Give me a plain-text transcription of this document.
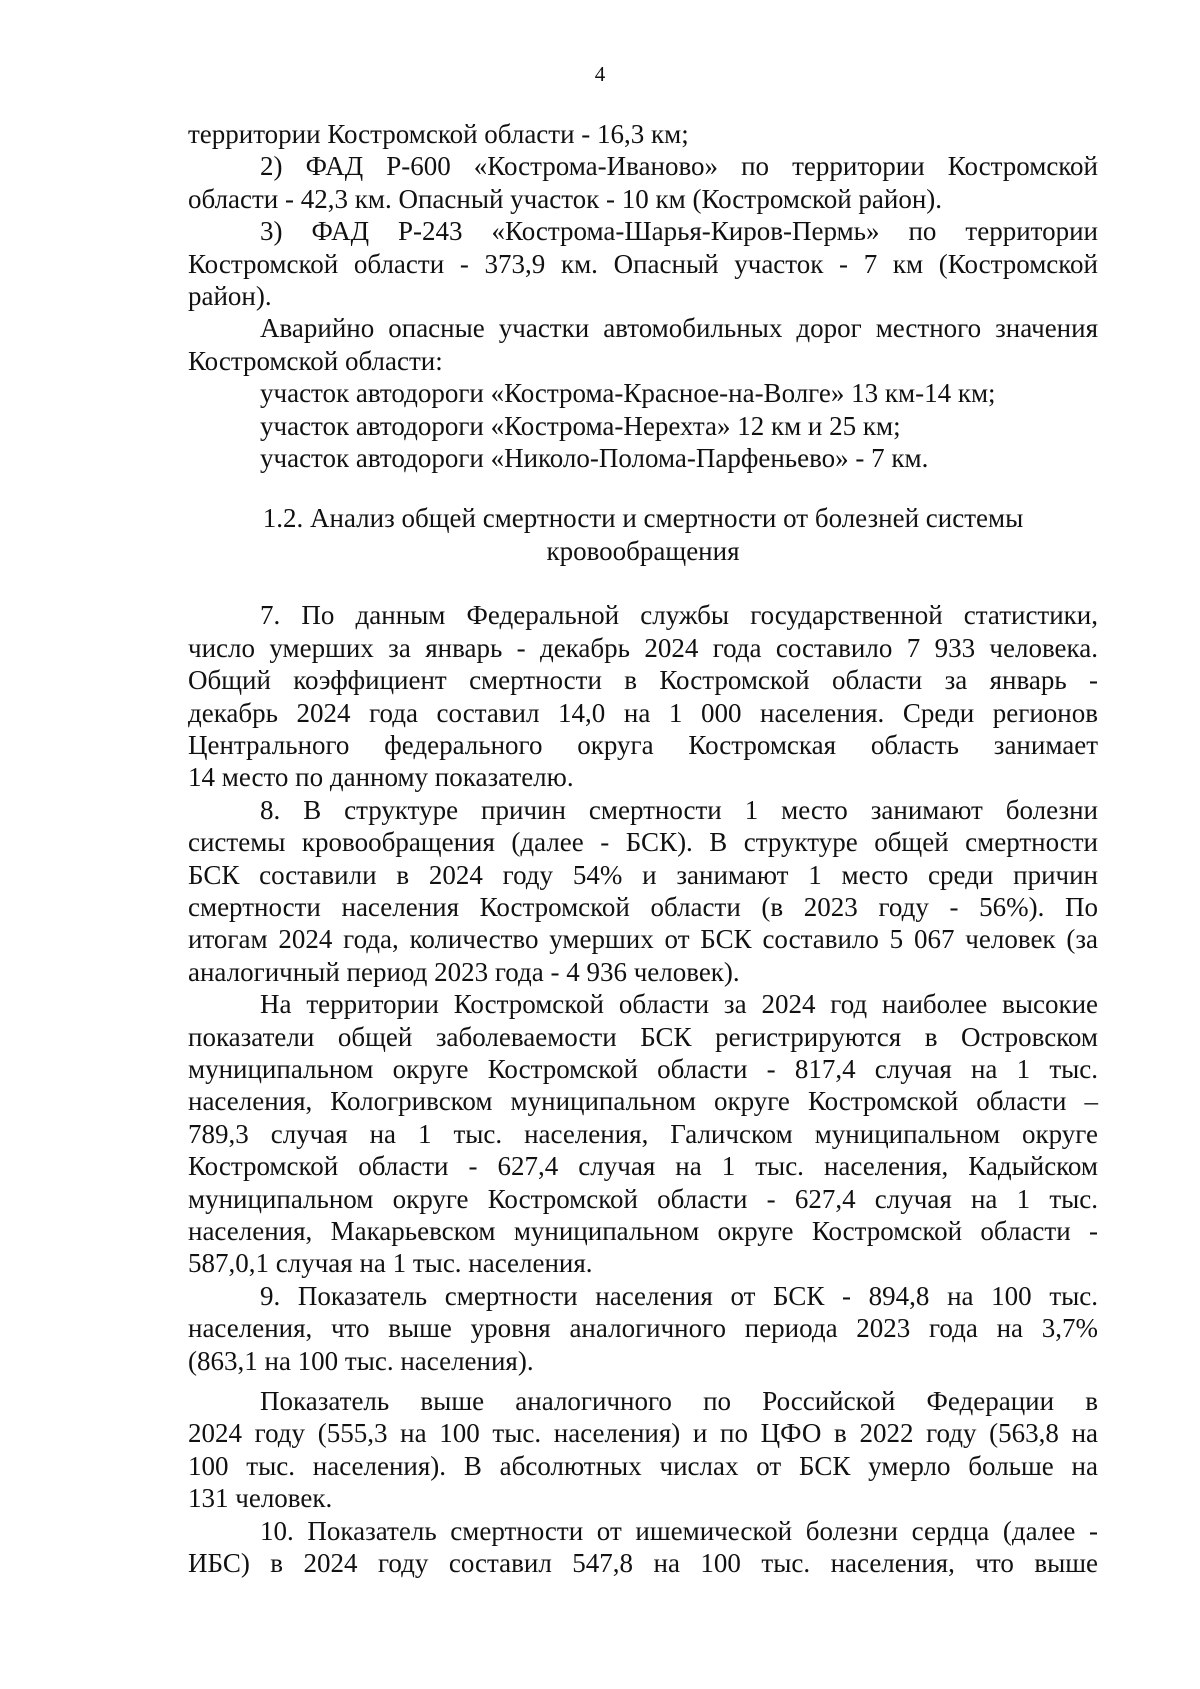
4
территории Костромской области - 16,3 км;
2) ФАД Р-600 «Кострома-Иваново» по территории Костромской
области - 42,3 км. Опасный участок - 10 км (Костромской район).
3) ФАД Р-243 «Кострома-Шарья-Киров-Пермь» по территории
Костромской области - 373,9 км. Опасный участок - 7 км (Костромской
район).
Аварийно опасные участки автомобильных дорог местного значения
Костромской области:
участок автодороги «Кострома-Красное-на-Волге» 13 км-14 км;
участок автодороги «Кострома-Нерехта» 12 км и 25 км;
участок автодороги «Николо-Полома-Парфеньево» - 7 км.
1.2. Анализ общей смертности и смертности от болезней системы
кровообращения
7. По данным Федеральной службы государственной статистики,
число умерших за январь - декабрь 2024 года составило 7 933 человека.
Общий коэффициент смертности в Костромской области за январь -
декабрь 2024 года составил 14,0 на 1 000 населения. Среди регионов
Центрального федерального округа Костромская область занимает
14 место по данному показателю.
8. В структуре причин смертности 1 место занимают болезни
системы кровообращения (далее - БСК). В структуре общей смертности
БСК составили в 2024 году 54% и занимают 1 место среди причин
смертности населения Костромской области (в 2023 году - 56%). По
итогам 2024 года, количество умерших от БСК составило 5 067 человек (за
аналогичный период 2023 года - 4 936 человек).
На территории Костромской области за 2024 год наиболее высокие
показатели общей заболеваемости БСК регистрируются в Островском
муниципальном округе Костромской области - 817,4 случая на 1 тыс.
населения, Кологривском муниципальном округе Костромской области –
789,3 случая на 1 тыс. населения, Галичском муниципальном округе
Костромской области - 627,4 случая на 1 тыс. населения, Кадыйском
муниципальном округе Костромской области - 627,4 случая на 1 тыс.
населения, Макарьевском муниципальном округе Костромской области -
587,0,1 случая на 1 тыс. населения.
9. Показатель смертности населения от БСК - 894,8 на 100 тыс.
населения, что выше уровня аналогичного периода 2023 года на 3,7%
(863,1 на 100 тыс. населения).
Показатель выше аналогичного по Российской Федерации в
2024 году (555,3 на 100 тыс. населения) и по ЦФО в 2022 году (563,8 на
100 тыс. населения). В абсолютных числах от БСК умерло больше на
131 человек.
10. Показатель смертности от ишемической болезни сердца (далее -
ИБС) в 2024 году составил 547,8 на 100 тыс. населения, что выше
